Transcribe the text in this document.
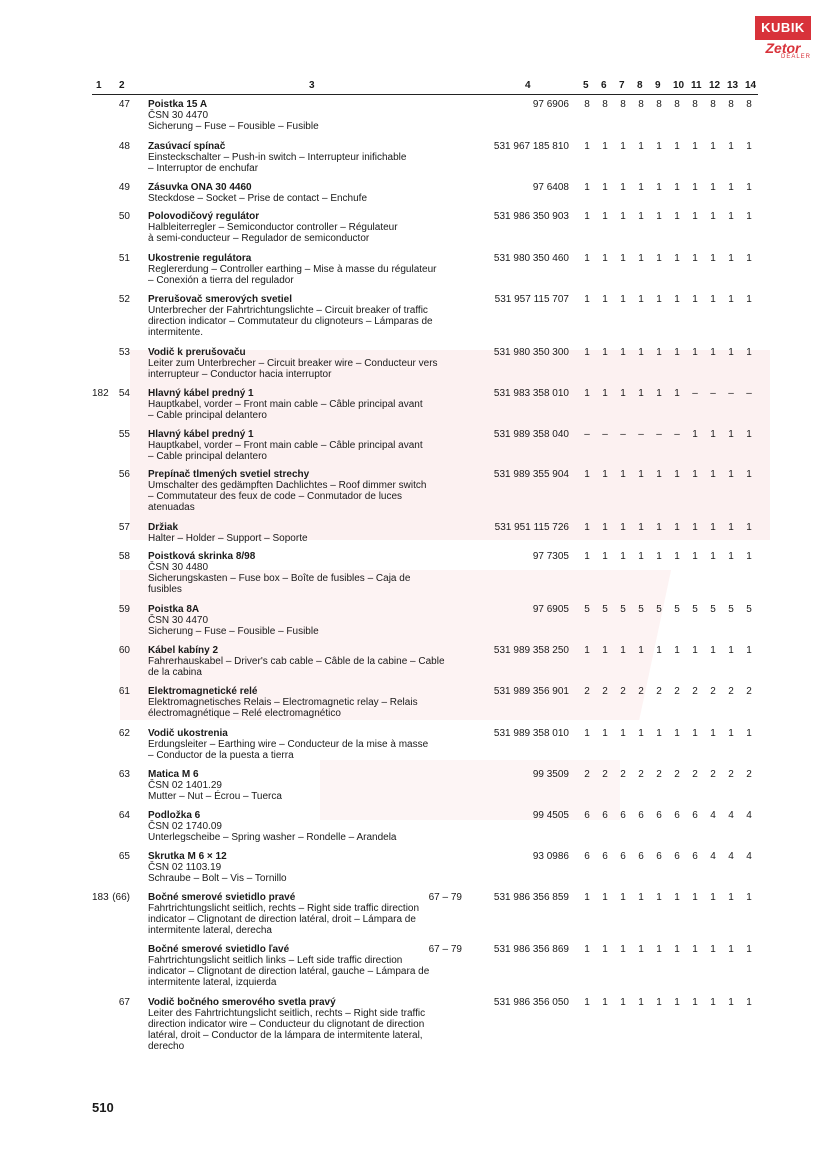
KUBIK
Zetor
DEALER
1 2	3	4	5 6 7 8 9 10 11 12 13 14
47 Poistka 15 A
ČSN 30 4470
Sicherung – Fuse – Fousible – Fusible
97 6906	8	8	8	8	8	8	8	8	8	8
48 Zasúvací spínač
Einsteckschalter – Push-in switch – Interrupteur inifichable
– Interruptor de enchufar
531 967 185 810	1	1	1	1	1	1	1	1	1	1
49 Zásuvka ONA 30 4460
Steckdose – Socket – Prise de contact – Enchufe
97 6408	1	1	1	1	1	1	1	1	1	1
50 Polovodičový regulátor
Halbleiterregler – Semiconductor controller – Régulateur
à semi-conducteur – Regulador de semiconductor
531 986 350 903	1	1	1	1	1	1	1	1	1	1
51 Ukostrenie regulátora
Reglererdung – Controller earthing – Mise à masse du régulateur
– Conexión a tierra del regulador
531 980 350 460	1	1	1	1	1	1	1	1	1	1
52 Prerušovač smerových svetiel
Unterbrecher der Fahrtrichtungslichte – Circuit breaker of traffic
direction indicator – Commutateur du clignoteurs – Lámparas de
intermitente.
531 957 115 707	1	1	1	1	1	1	1	1	1	1
53 Vodič k prerušovaču
Leiter zum Unterbrecher – Circuit breaker wire – Conducteur vers
interrupteur – Conductor hacia interruptor
531 980 350 300	1	1	1	1	1	1	1	1	1	1
182	54 Hlavný kábel predný 1
Hauptkabel, vorder – Front main cable – Câble principal avant
– Cable principal delantero
531 983 358 010	1	1	1	1	1	1	–	–	–	–
55 Hlavný kábel predný 1
Hauptkabel, vorder – Front main cable – Câble principal avant
– Cable principal delantero
531 989 358 040	–	–	–	–	–	–	1	1	1	1
56 Prepínač tlmených svetiel strechy
Umschalter des gedämpften Dachlichtes – Roof dimmer switch
– Commutateur des feux de code – Conmutador de luces
atenuadas
531 989 355 904	1	1	1	1	1	1	1	1	1	1
57 Držiak
Halter – Holder – Support – Soporte
531 951 115 726	1	1	1	1	1	1	1	1	1	1
58 Poistková skrinka 8/98
ČSN 30 4480
Sicherungskasten – Fuse box – Boîte de fusibles – Caja de
fusibles
97 7305	1	1	1	1	1	1	1	1	1	1
59 Poistka 8A
ČSN 30 4470
Sicherung – Fuse – Fousible – Fusible
97 6905	5	5	5	5	5	5	5	5	5	5
60 Kábel kabíny 2
Fahrerhauskabel – Driver's cab cable – Câble de la cabine – Cable
de la cabina
531 989 358 250	1	1	1	1	1	1	1	1	1	1
61 Elektromagnetické relé
Elektromagnetisches Relais – Electromagnetic relay – Relais
électromagnétique – Relé electromagnético
531 989 356 901	2	2	2	2	2	2	2	2	2	2
62 Vodič ukostrenia
Erdungsleiter – Earthing wire – Conducteur de la mise à masse
– Conductor de la puesta a tierra
531 989 358 010	1	1	1	1	1	1	1	1	1	1
63 Matica M 6
ČSN 02 1401.29
Mutter – Nut – Écrou – Tuerca
99 3509	2	2	2	2	2	2	2	2	2	2
64 Podložka 6
ČSN 02 1740.09
Unterlegscheibe – Spring washer – Rondelle – Arandela
99 4505	6	6	6	6	6	6	6	4	4	4
65 Skrutka M 6 × 12
ČSN 02 1103.19
Schraube – Bolt – Vis – Tornillo
93 0986	6	6	6	6	6	6	6	4	4	4
183 (66) Bočné smerové svietidlo pravé
Fahrtrichtungslicht seitlich, rechts – Right side traffic direction
indicator – Clignotant de direction latéral, droit – Lámpara de
intermitente lateral, derecha
67 – 79	531 986 356 859	1	1	1	1	1	1	1	1	1	1
Bočné smerové svietidlo ľavé
Fahrtrichtungslicht seitlich links – Left side traffic direction
indicator – Clignotant de direction latéral, gauche – Lámpara de
intermitente lateral, izquierda
67 – 79	531 986 356 869	1	1	1	1	1	1	1	1	1	1
67 Vodič bočného smerového svetla pravý
Leiter des Fahrtrichtungslicht seitlich, rechts – Right side traffic
direction indicator wire – Conducteur du clignotant de direction
latéral, droit – Conductor de la lámpara de intermitente lateral,
derecho
531 986 356 050	1	1	1	1	1	1	1	1	1	1
510
